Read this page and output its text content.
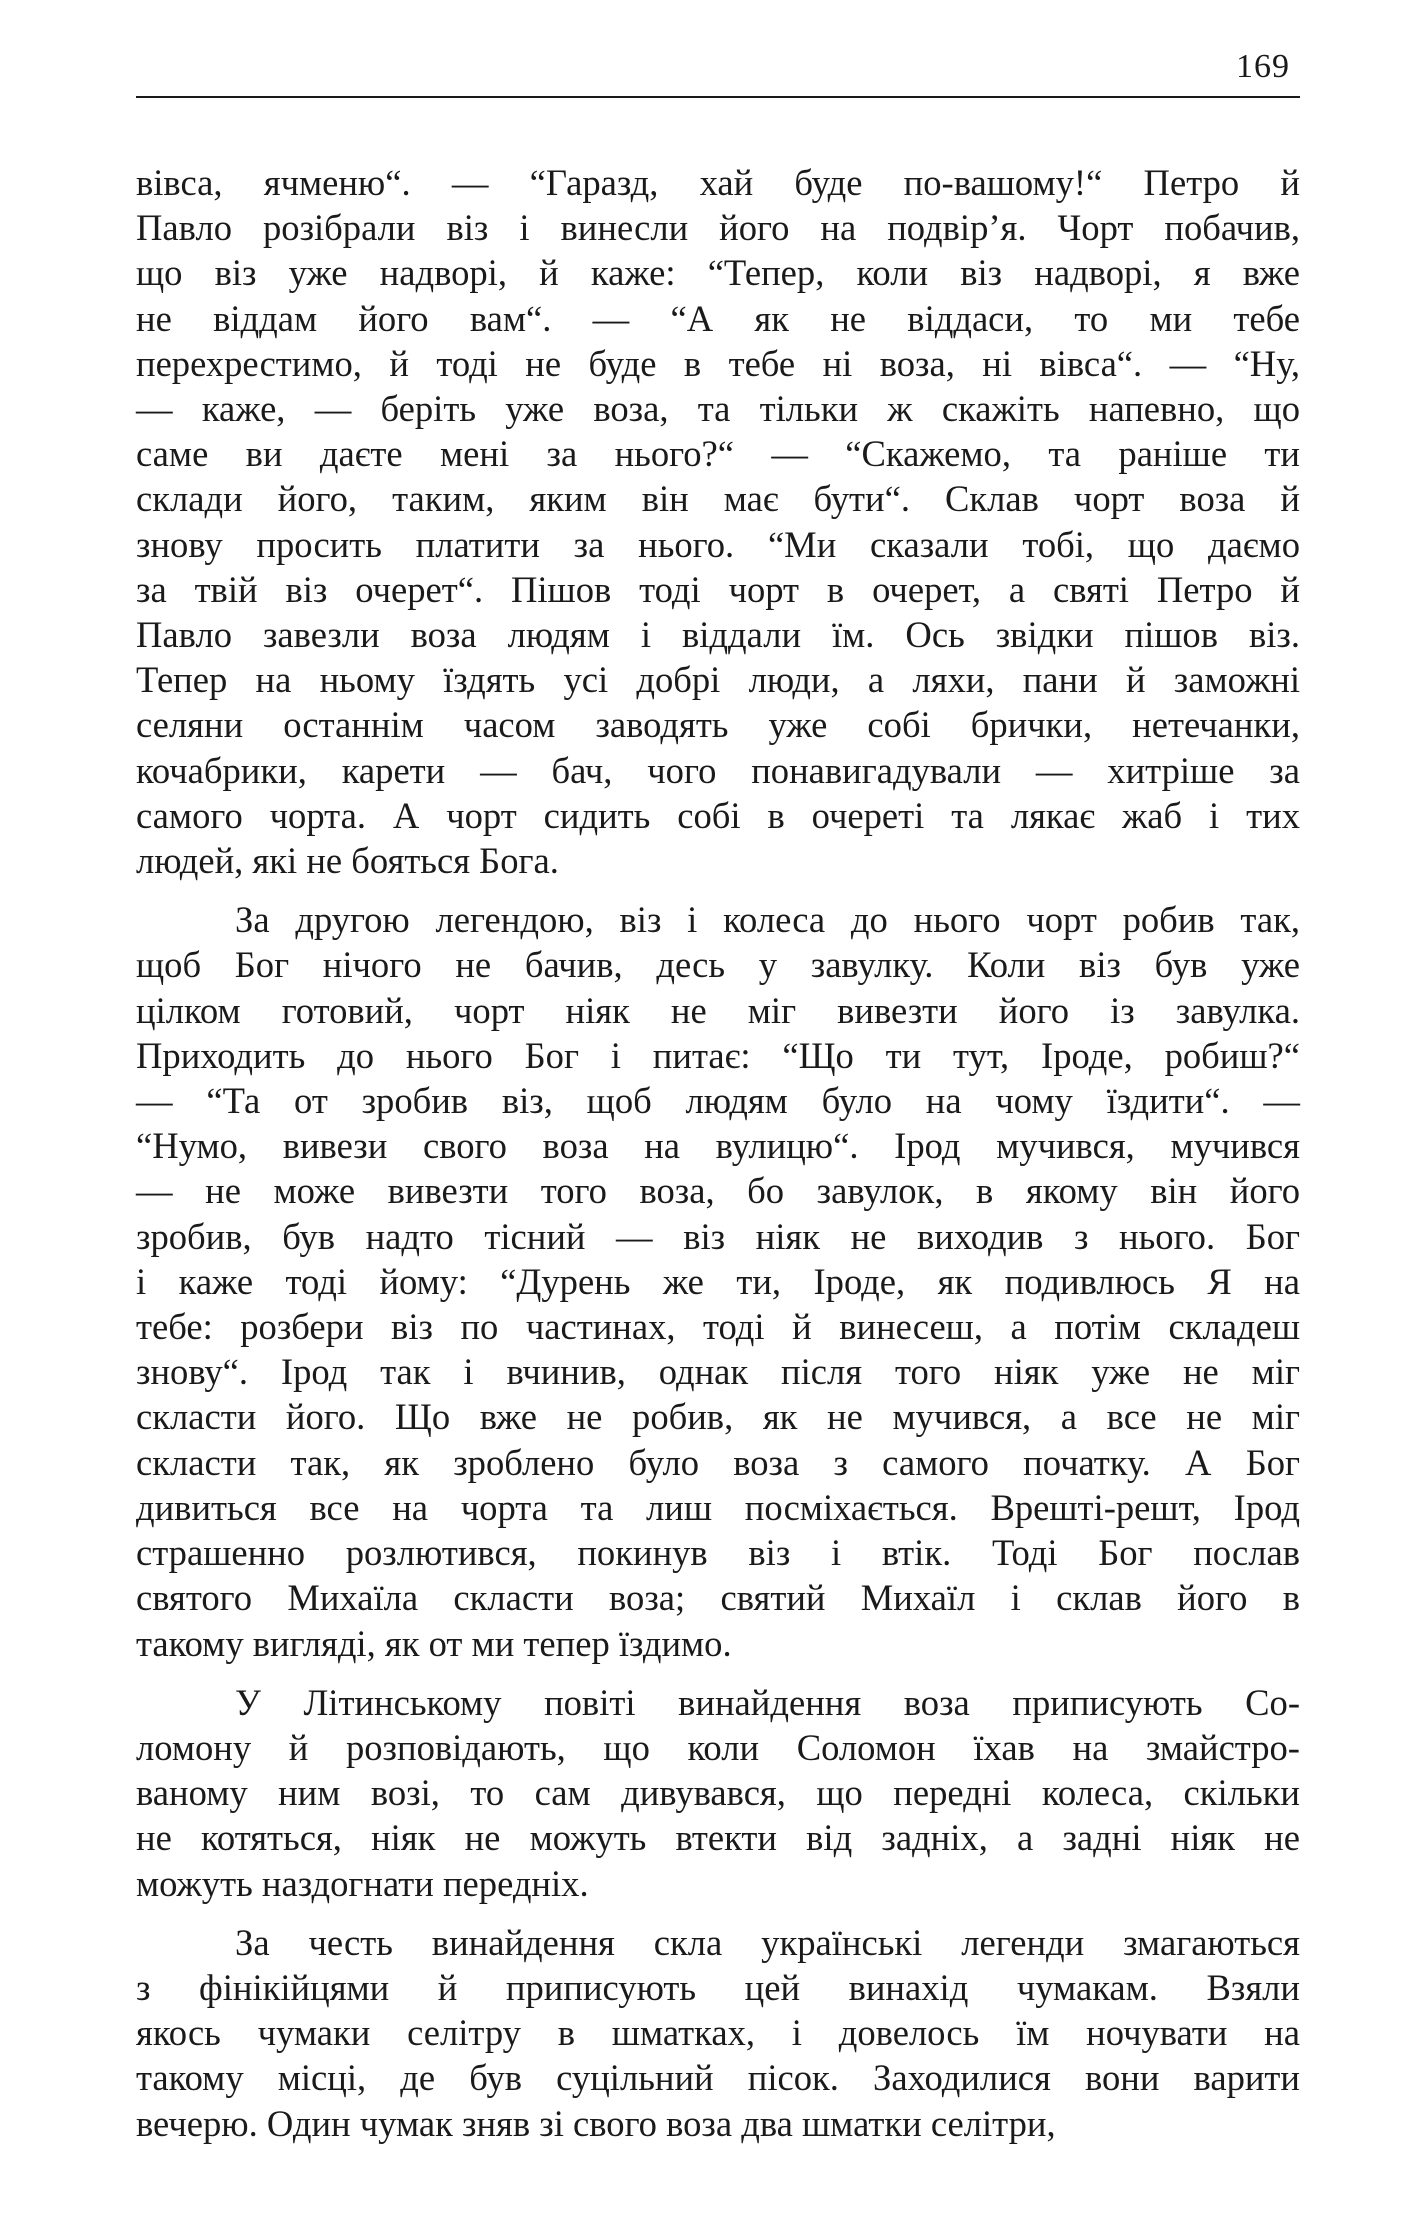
169

вівса, ячменю“. — “Гаразд, хай буде по-вашому!“ Петро й
Павло розібрали віз і винесли його на подвір’я. Чорт побачив,
що віз уже надворі, й каже: “Тепер, коли віз надворі, я вже
не віддам його вам“. — “А як не віддаси, то ми тебе
перехрестимо, й тоді не буде в тебе ні воза, ні вівса“. — “Ну,
— каже, — беріть уже воза, та тільки ж скажіть напевно, що
саме ви даєте мені за нього?“ — “Скажемо, та раніше ти
склади його, таким, яким він має бути“. Склав чорт воза й
знову просить платити за нього. “Ми сказали тобі, що даємо
за твій віз очерет“. Пішов тоді чорт в очерет, а святі Петро й
Павло завезли воза людям і віддали їм. Ось звідки пішов віз.
Тепер на ньому їздять усі добрі люди, а ляхи, пани й заможні
селяни останнім часом заводять уже собі брички, нетечанки,
кочабрики, карети — бач, чого понавигадували — хитріше за
самого чорта. А чорт сидить собі в очереті та лякає жаб і тих
людей, які не бояться Бога.

За другою легендою, віз і колеса до нього чорт робив так,
щоб Бог нічого не бачив, десь у завулку. Коли віз був уже
цілком готовий, чорт ніяк не міг вивезти його із завулка.
Приходить до нього Бог і питає: “Що ти тут, Іроде, робиш?“
— “Та от зробив віз, щоб людям було на чому їздити“. —
“Нумо, вивези свого воза на вулицю“. Ірод мучився, мучився
— не може вивезти того воза, бо завулок, в якому він його
зробив, був надто тісний — віз ніяк не виходив з нього. Бог
і каже тоді йому: “Дурень же ти, Іроде, як подивлюсь Я на
тебе: розбери віз по частинах, тоді й винесеш, а потім складеш
знову“. Ірод так і вчинив, однак після того ніяк уже не міг
скласти його. Що вже не робив, як не мучився, а все не міг
скласти так, як зроблено було воза з самого початку. А Бог
дивиться все на чорта та лиш посміхається. Врешті-решт, Ірод
страшенно розлютився, покинув віз і втік. Тоді Бог послав
святого Михаїла скласти воза; святий Михаїл і склав його в
такому вигляді, як от ми тепер їздимо.

У Літинському повіті винайдення воза приписують Со-
ломону й розповідають, що коли Соломон їхав на змайстро-
ваному ним возі, то сам дивувався, що передні колеса, скільки
не котяться, ніяк не можуть втекти від задніх, а задні ніяк не
можуть наздогнати передніх.

За честь винайдення скла українські легенди змагаються
з фінікійцями й приписують цей винахід чумакам. Взяли
якось чумаки селітру в шматках, і довелось їм ночувати на
такому місці, де був суцільний пісок. Заходилися вони варити
вечерю. Один чумак зняв зі свого воза два шматки селітри,
